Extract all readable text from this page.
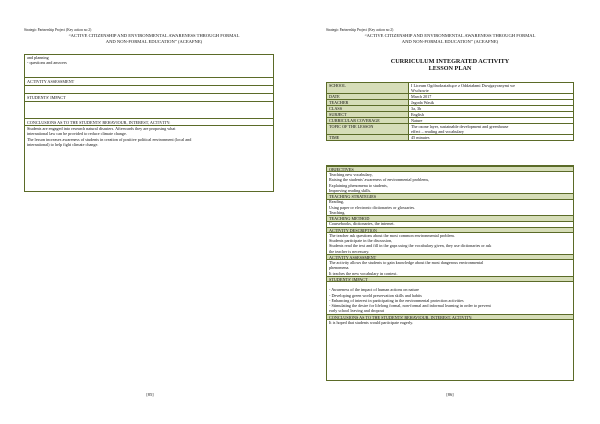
Strategic Partnership Project (Key action no 2)
“ACTIVE CITIZENSHIP AND ENVIRONMENTAL AWARENESS THROUGH FORMAL
AND NON-FORMAL EDUCATION” (ACEAFNE)
and planning
- questions and answers
ACTIVITY ASSESSMENT
STUDENTS' IMPACT
CONCLUSIONS AS TO THE STUDENTS' BEHAVIOUR, INTEREST, ACTIVITY:
Students are engaged into research natural disasters. Afterwards they are proposing what
international law can be provided to reduce climate change.
The lesson increases awareness of students in creation of positive political environment (local and
international) to help fight climate change.
[85]
Strategic Partnership Project (Key action no 2)
“ACTIVE CITIZENSHIP AND ENVIRONMENTAL AWARENESS THROUGH FORMAL
AND NON-FORMAL EDUCATION” (ACEAFNE)
CURRICULUM INTEGRATED ACTIVITY
LESSON PLAN
SCHOOL	I Liceum Ogólnokształcące z Oddziałami Dwujęzycznymi we
Wschowie

DATE	March 2017
TEACHER	Jagoda Wasik
CLASS	3a, 3b
SUBJECT	English
CURRICULAR COVERAGE	Nature
TOPIC OF THE LESSON	The ozone layer, sustainable development and greenhouse
effect – reading and vocabulary

TIME	45 minutes
OBJECTIVES
Teaching new vocabulary,
Raising the students' awareness of environmental problems,
Explaining phenomena to students,
Improving reading skills.
TEACHING STRATEGIES
Reading,
Using paper or electronic dictionaries or glossaries.
Teaching.
TEACHING METHOD
Coursebooks, dictionaries, the internet.
ACTIVITY DESCRIPTION
The teacher ask questions about the most common environmental problem.
Students participate in the discussion,
Students read the text and fill in the gaps using the vocabulary given, they use dictionaries or ask
the teacher is necessary.
ACTIVITY ASSESSMENT
The activity allows the students to gain knowledge about the most dangerous environmental
phenomena.
It teaches the new vocabulary in context.
STUDENTS' IMPACT
- Awareness of the impact of human actions on nature
- Developing green world preservation skills and habits
- Enhancing of interest in participating in the environmental protection activities
- Stimulating the desire for lifelong formal, non-formal and informal learning in order to prevent
early school leaving and dropout
CONCLUSIONS AS TO THE STUDENTS' BEHAVIOUR, INTEREST, ACTIVITY:
It is hoped that students would participate eagerly.
[86]
